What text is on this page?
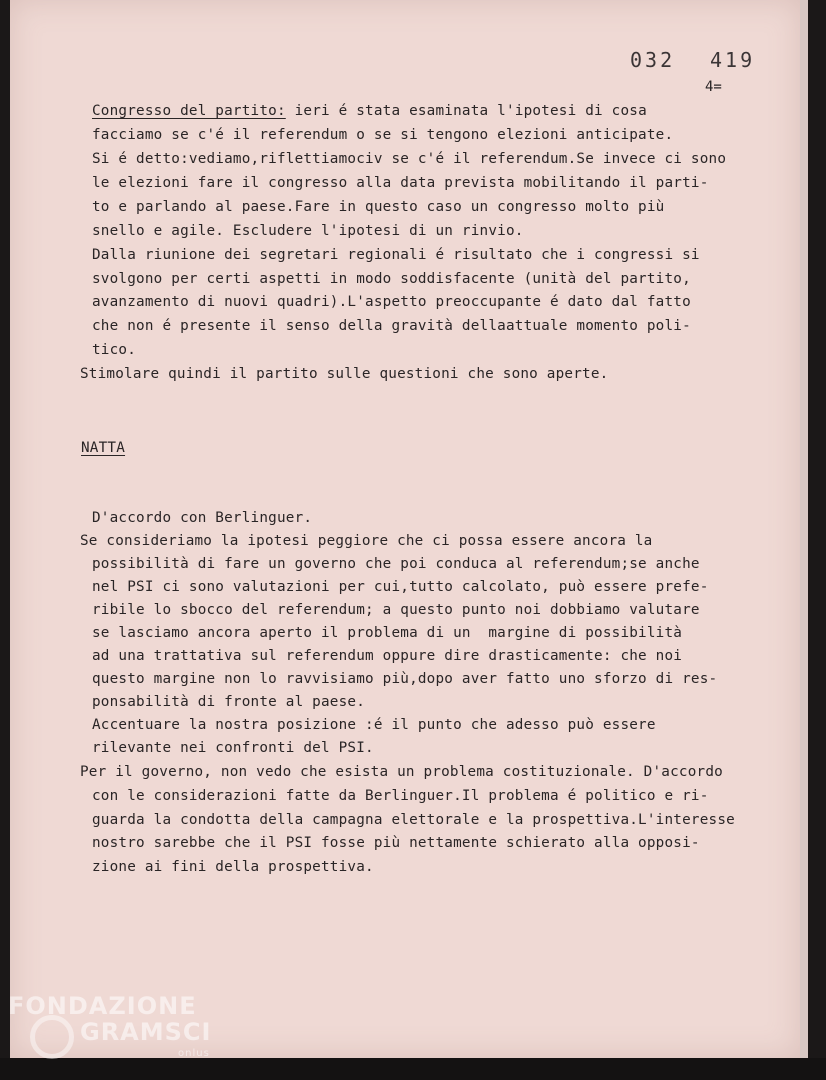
032 419
4=
Congresso del partito: ieri é stata esaminata l'ipotesi di cosa
facciamo se c'é il referendum o se si tengono elezioni anticipate.
Si é detto:vediamo,riflettiamociv se c'é il referendum.Se invece ci sono
le elezioni fare il congresso alla data prevista mobilitando il parti-
to e parlando al paese.Fare in questo caso un congresso molto più
snello e agile. Escludere l'ipotesi di un rinvio.
Dalla riunione dei segretari regionali é risultato che i congressi si
svolgono per certi aspetti in modo soddisfacente (unità del partito,
avanzamento di nuovi quadri).L'aspetto preoccupante é dato dal fatto
che non é presente il senso della gravità dellaattuale momento poli-
tico.
Stimolare quindi il partito sulle questioni che sono aperte.
NATTA
D'accordo con Berlinguer.
Se consideriamo la ipotesi peggiore che ci possa essere ancora la
possibilità di fare un governo che poi conduca al referendum;se anche
nel PSI ci sono valutazioni per cui,tutto calcolato, può essere prefe-
ribile lo sbocco del referendum; a questo punto noi dobbiamo valutare
se lasciamo ancora aperto il problema di un  margine di possibilità
ad una trattativa sul referendum oppure dire drasticamente: che noi
questo margine non lo ravvisiamo più,dopo aver fatto uno sforzo di res-
ponsabilità di fronte al paese.
Accentuare la nostra posizione :é il punto che adesso può essere
rilevante nei confronti del PSI.
Per il governo, non vedo che esista un problema costituzionale. D'accordo
con le considerazioni fatte da Berlinguer.Il problema é politico e ri-
guarda la condotta della campagna elettorale e la prospettiva.L'interesse
nostro sarebbe che il PSI fosse più nettamente schierato alla opposi-
zione ai fini della prospettiva.
FONDAZIONE
GRAMSCI
onlus
